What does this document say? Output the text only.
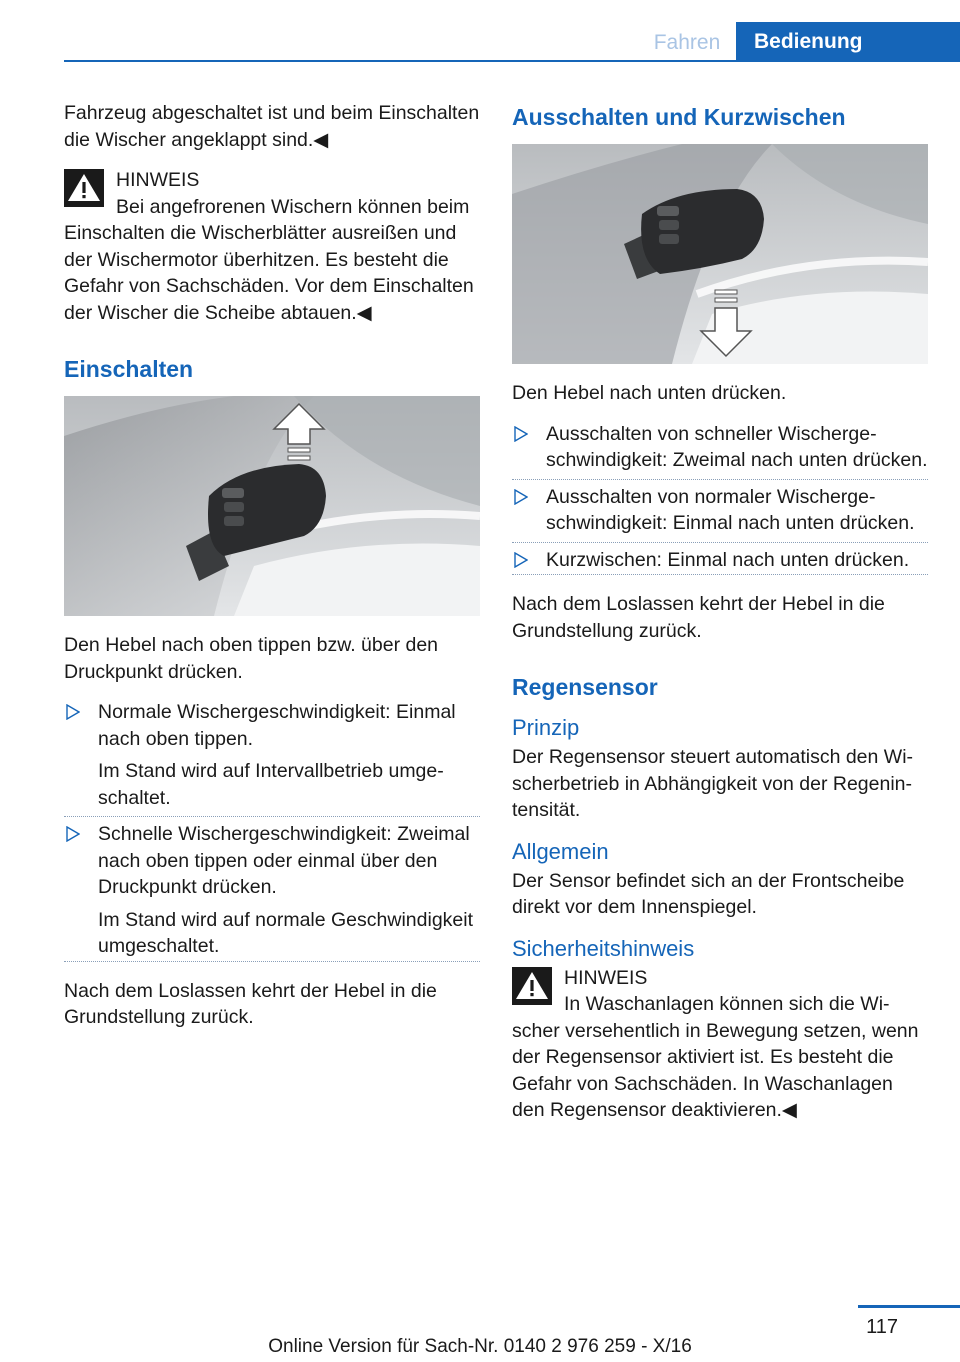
Fahren	Bedienung

Fahrzeug abgeschaltet ist und beim Einschalten die Wischer angeklappt sind.◀

HINWEIS
Bei angefrorenen Wischern können beim Einschalten die Wischerblätter ausreißen und der Wischermotor überhitzen. Es besteht die Gefahr von Sachschäden. Vor dem Einschalten der Wischer die Scheibe abtauen.◀
Einschalten

Den Hebel nach oben tippen bzw. über den Druckpunkt drücken.

Normale Wischergeschwindigkeit: Einmal nach oben tippen.
Im Stand wird auf Intervallbetrieb umgeschaltet.
Schnelle Wischergeschwindigkeit: Zweimal nach oben tippen oder einmal über den Druckpunkt drücken.
Im Stand wird auf normale Geschwindigkeit umgeschaltet.

Nach dem Loslassen kehrt der Hebel in die Grundstellung zurück.

Ausschalten und Kurzwischen

Den Hebel nach unten drücken.

Ausschalten von schneller Wischergeschwindigkeit: Zweimal nach unten drücken.
Ausschalten von normaler Wischergeschwindigkeit: Einmal nach unten drücken.
Kurzwischen: Einmal nach unten drücken.

Nach dem Loslassen kehrt der Hebel in die Grundstellung zurück.

Regensensor
Prinzip

Der Regensensor steuert automatisch den Wischerbetrieb in Abhängigkeit von der Regenintensität.

Allgemein

Der Sensor befindet sich an der Frontscheibe direkt vor dem Innenspiegel.

Sicherheitshinweis
HINWEIS
In Waschanlagen können sich die Wischer versehentlich in Bewegung setzen, wenn der Regensensor aktiviert ist. Es besteht die Gefahr von Sachschäden. In Waschanlagen den Regensensor deaktivieren.◀
117
Online Version für Sach-Nr. 0140 2 976 259 - X/16
